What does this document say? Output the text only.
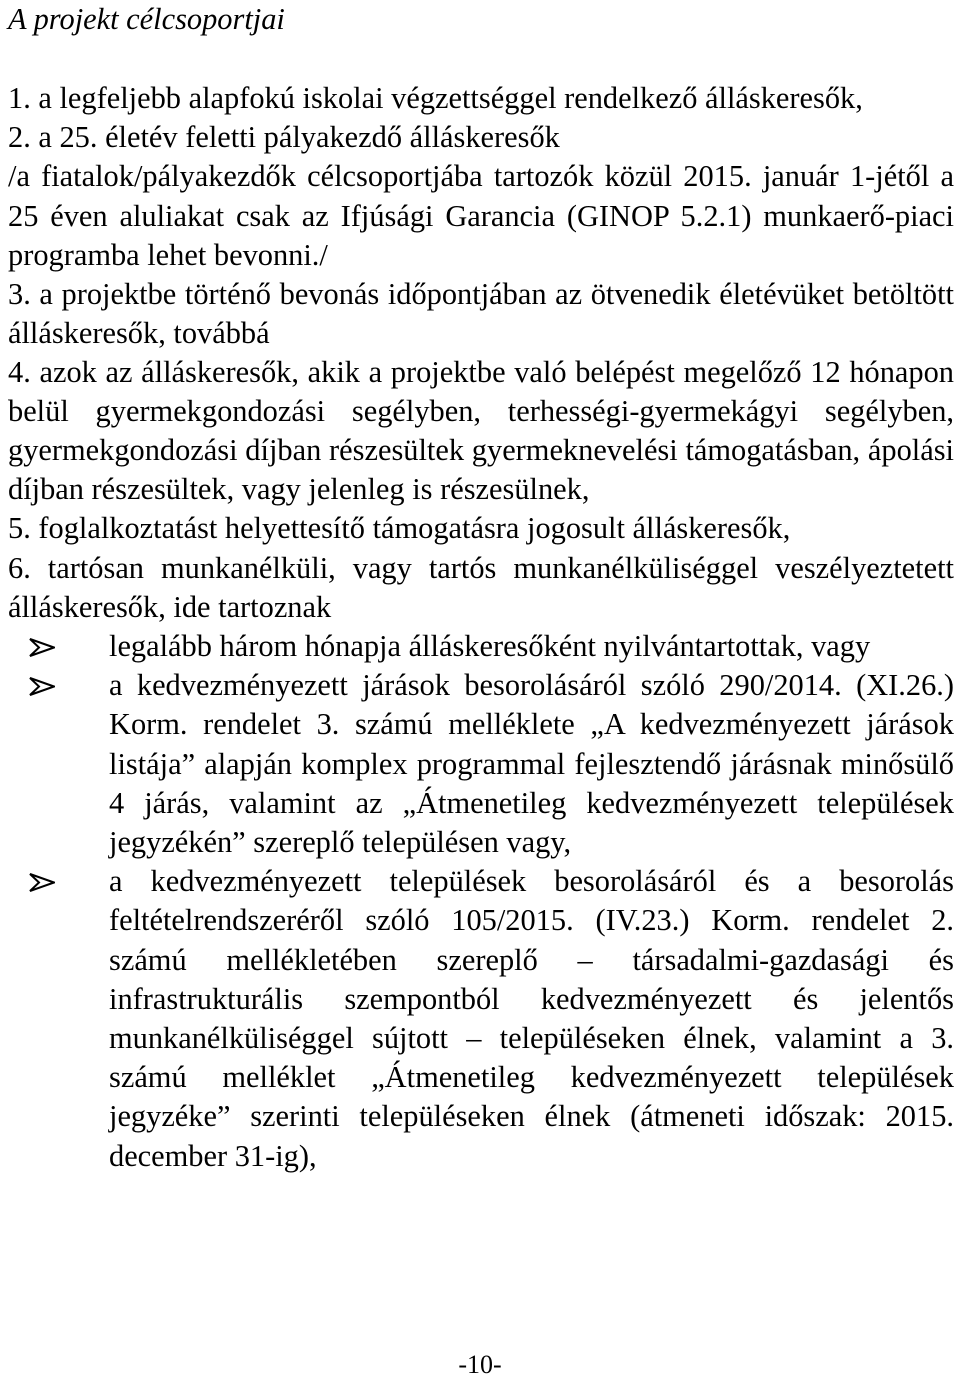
A projekt célcsoportjai

1. a legfeljebb alapfokú iskolai végzettséggel rendelkező álláskeresők,

2. a 25. életév feletti pályakezdő álláskeresők

/a fiatalok/pályakezdők célcsoportjába tartozók közül 2015. január 1-jétől a 25 éven aluliakat csak az Ifjúsági Garancia (GINOP 5.2.1) munkaerő-piaci programba lehet bevonni./

3. a projektbe történő bevonás időpontjában az ötvenedik életévüket betöltött álláskeresők, továbbá

4. azok az álláskeresők, akik a projektbe való belépést megelőző 12 hónapon belül gyermekgondozási segélyben, terhességi-gyermekágyi segélyben, gyermekgondozási díjban részesültek gyermeknevelési támogatásban, ápolási díjban részesültek, vagy jelenleg is részesülnek,

5. foglalkoztatást helyettesítő támogatásra jogosult álláskeresők,

6. tartósan munkanélküli, vagy tartós munkanélküliséggel veszélyeztetett álláskeresők, ide tartoznak

legalább három hónapja álláskeresőként nyilvántartottak, vagy
a kedvezményezett járások besorolásáról szóló 290/2014. (XI.26.) Korm. rendelet 3. számú melléklete „A kedvezményezett járások listája” alapján komplex programmal fejlesztendő járásnak minősülő 4 járás, valamint az „Átmenetileg kedvezményezett települések jegyzékén” szereplő településen vagy,
a kedvezményezett települések besorolásáról és a besorolás feltételrendszeréről szóló 105/2015. (IV.23.) Korm. rendelet 2. számú mellékletében szereplő – társadalmi-gazdasági és infrastrukturális szempontból kedvezményezett és jelentős munkanélküliséggel sújtott – településeken élnek, valamint a 3. számú melléklet „Átmenetileg kedvezményezett települések jegyzéke” szerinti településeken élnek (átmeneti időszak: 2015. december 31-ig),
-10-
